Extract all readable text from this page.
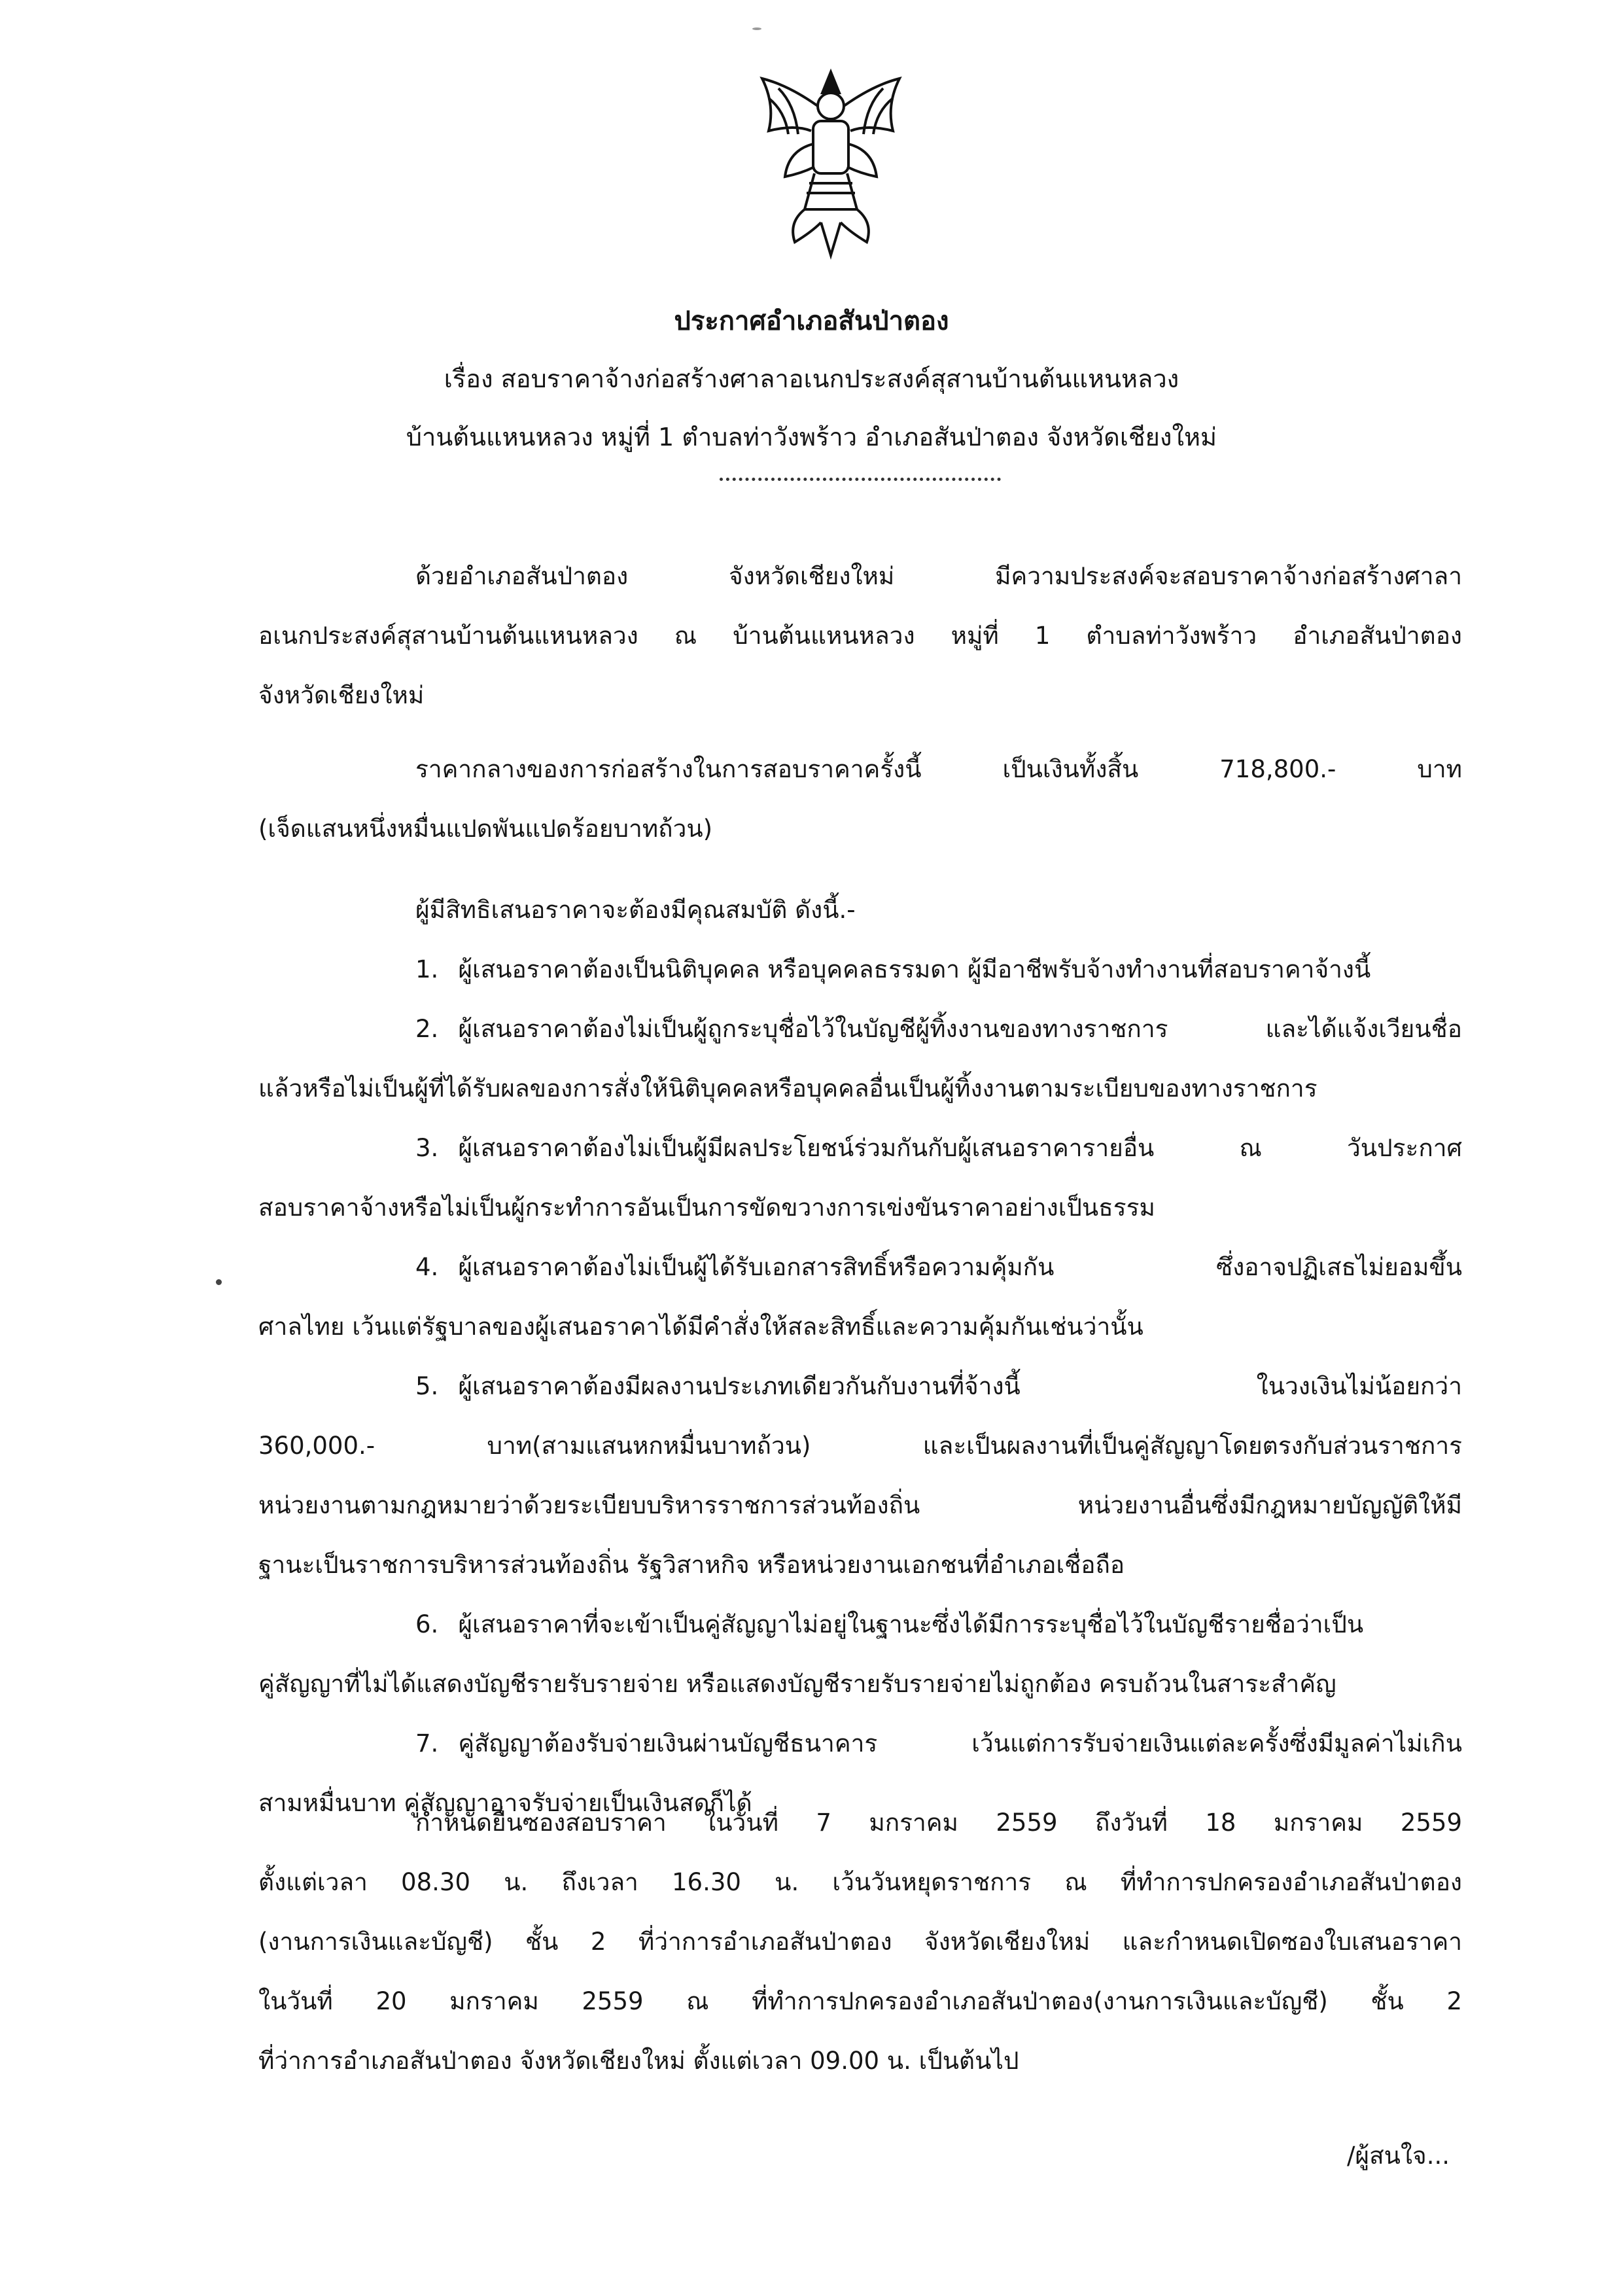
ประกาศอำเภอสันป่าตอง
เรื่อง สอบราคาจ้างก่อสร้างศาลาอเนกประสงค์สุสานบ้านต้นแหนหลวง
บ้านต้นแหนหลวง หมู่ที่ 1 ตำบลท่าวังพร้าว อำเภอสันป่าตอง จังหวัดเชียงใหม่

ด้วยอำเภอสันป่าตอง จังหวัดเชียงใหม่ มีความประสงค์จะสอบราคาจ้างก่อสร้างศาลา

อเนกประสงค์สุสานบ้านต้นแหนหลวง ณ บ้านต้นแหนหลวง หมู่ที่ 1 ตำบลท่าวังพร้าว อำเภอสันป่าตอง

จังหวัดเชียงใหม่

ราคากลางของการก่อสร้างในการสอบราคาครั้งนี้ เป็นเงินทั้งสิ้น 718,800.- บาท

(เจ็ดแสนหนึ่งหมื่นแปดพันแปดร้อยบาทถ้วน)

ผู้มีสิทธิเสนอราคาจะต้องมีคุณสมบัติ ดังนี้.-

1. ผู้เสนอราคาต้องเป็นนิติบุคคล หรือบุคคลธรรมดา ผู้มีอาชีพรับจ้างทำงานที่สอบราคาจ้างนี้

2. ผู้เสนอราคาต้องไม่เป็นผู้ถูกระบุชื่อไว้ในบัญชีผู้ทิ้งงานของทางราชการ และได้แจ้งเวียนชื่อ

แล้วหรือไม่เป็นผู้ที่ได้รับผลของการสั่งให้นิติบุคคลหรือบุคคลอื่นเป็นผู้ทิ้งงานตามระเบียบของทางราชการ

3. ผู้เสนอราคาต้องไม่เป็นผู้มีผลประโยชน์ร่วมกันกับผู้เสนอราคารายอื่น ณ วันประกาศ

สอบราคาจ้างหรือไม่เป็นผู้กระทำการอันเป็นการขัดขวางการเข่งขันราคาอย่างเป็นธรรม

4. ผู้เสนอราคาต้องไม่เป็นผู้ได้รับเอกสารสิทธิ์หรือความคุ้มกัน ซึ่งอาจปฏิเสธไม่ยอมขึ้น

ศาลไทย เว้นแต่รัฐบาลของผู้เสนอราคาได้มีคำสั่งให้สละสิทธิ์และความคุ้มกันเช่นว่านั้น

5. ผู้เสนอราคาต้องมีผลงานประเภทเดียวกันกับงานที่จ้างนี้ ในวงเงินไม่น้อยกว่า

360,000.- บาท(สามแสนหกหมื่นบาทถ้วน) และเป็นผลงานที่เป็นคู่สัญญาโดยตรงกับส่วนราชการ

หน่วยงานตามกฎหมายว่าด้วยระเบียบบริหารราชการส่วนท้องถิ่น หน่วยงานอื่นซึ่งมีกฎหมายบัญญัติให้มี

ฐานะเป็นราชการบริหารส่วนท้องถิ่น รัฐวิสาหกิจ หรือหน่วยงานเอกชนที่อำเภอเชื่อถือ

6. ผู้เสนอราคาที่จะเข้าเป็นคู่สัญญาไม่อยู่ในฐานะซึ่งได้มีการระบุชื่อไว้ในบัญชีรายชื่อว่าเป็น

คู่สัญญาที่ไม่ได้แสดงบัญชีรายรับรายจ่าย หรือแสดงบัญชีรายรับรายจ่ายไม่ถูกต้อง ครบถ้วนในสาระสำคัญ

7. คู่สัญญาต้องรับจ่ายเงินผ่านบัญชีธนาคาร เว้นแต่การรับจ่ายเงินแต่ละครั้งซึ่งมีมูลค่าไม่เกิน

สามหมื่นบาท คู่สัญญาอาจรับจ่ายเป็นเงินสดก็ได้

กำหนดยื่นซองสอบราคา ในวันที่ 7 มกราคม 2559 ถึงวันที่ 18 มกราคม 2559

ตั้งแต่เวลา 08.30 น. ถึงเวลา 16.30 น. เว้นวันหยุดราชการ ณ ที่ทำการปกครองอำเภอสันป่าตอง

(งานการเงินและบัญชี) ชั้น 2 ที่ว่าการอำเภอสันป่าตอง จังหวัดเชียงใหม่ และกำหนดเปิดซองใบเสนอราคา

ในวันที่ 20 มกราคม 2559 ณ ที่ทำการปกครองอำเภอสันป่าตอง(งานการเงินและบัญชี) ชั้น 2

ที่ว่าการอำเภอสันป่าตอง จังหวัดเชียงใหม่ ตั้งแต่เวลา 09.00 น. เป็นต้นไป

/ผู้สนใจ...
